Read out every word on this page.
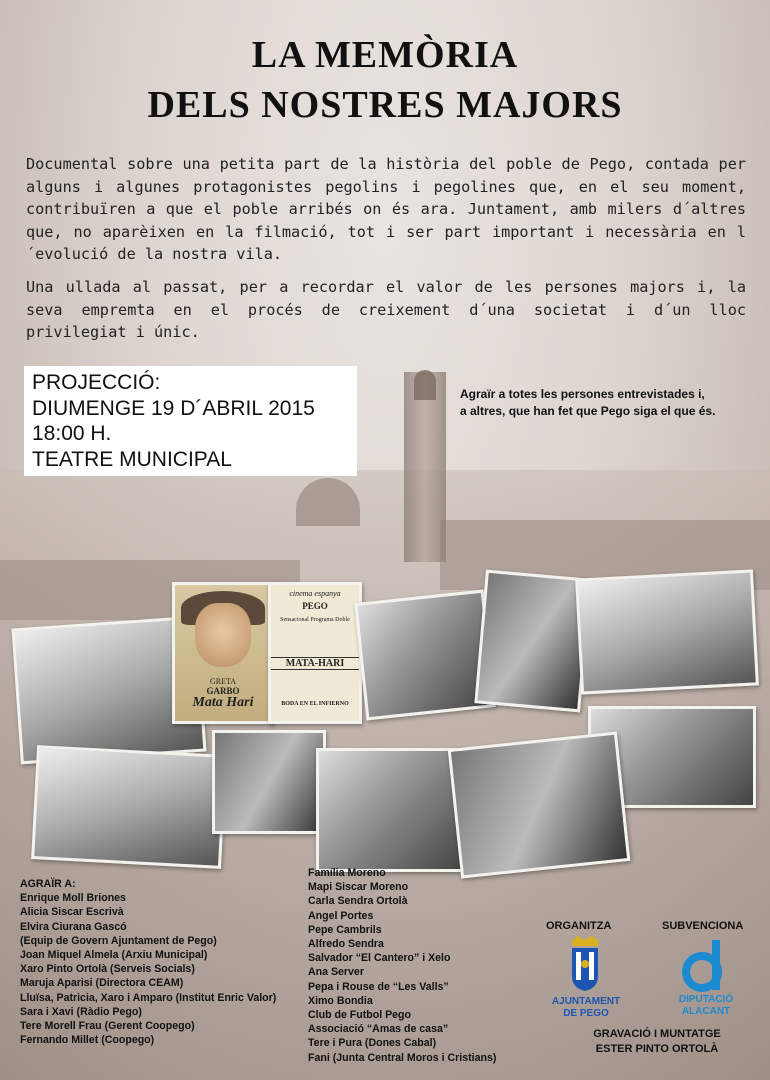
LA MEMÒRIA
DELS NOSTRES MAJORS
Documental sobre una petita part de la història del poble de Pego, contada per alguns i algunes protagonistes pegolins i pegolines que, en el seu moment, contribuïren a que el poble arribés on és ara. Juntament, amb milers d´altres que, no aparèixen en la filmació, tot i ser part important i necessària en l´evolució de la nostra vila.
Una ullada al passat, per a recordar el valor de les persones majors i, la seva empremta en el procés de creixement d´una societat i d´un lloc privilegiat i únic.
PROJECCIÓ:
DIUMENGE 19 D´ABRIL 2015
18:00 H.
TEATRE MUNICIPAL
Agraïr a totes les persones entrevistades i,
a altres, que han fet que Pego siga el que és.
GRETA
GARBO
Mata Hari
cinema espanya
PEGO
Sensacional Programa Doble
MATA-HARI
BODA EN EL INFIERNO
AGRAÏR A:
Enrique Moll Briones
Alicia Siscar Escrivà
Elvira Ciurana Gascó
(Equip de Govern Ajuntament de Pego)
Joan Miquel Almela (Arxiu Municipal)
Xaro Pinto Ortolà (Serveis Socials)
Maruja Aparisi (Directora CEAM)
Lluïsa, Patricia, Xaro i Amparo (Institut Enric Valor)
Sara i Xavi (Ràdio Pego)
Tere Morell Frau (Gerent Coopego)
Fernando Millet (Coopego)
Família Moreno
Mapi Siscar Moreno
Carla Sendra Ortolà
Angel Portes
Pepe Cambrils
Alfredo Sendra
Salvador “El Cantero” i Xelo
Ana Server
Pepa i Rouse de “Les Valls”
Ximo Bondia
Club de Futbol Pego
Associació “Amas de casa”
Tere i Pura (Dones Cabal)
Fani (Junta Central Moros i Cristians)
ORGANITZA	SUBVENCIONA
AJUNTAMENT
DE PEGO
DIPUTACIÓ
ALACANT
GRAVACIÓ I MUNTATGE
ESTER PINTO ORTOLÀ
